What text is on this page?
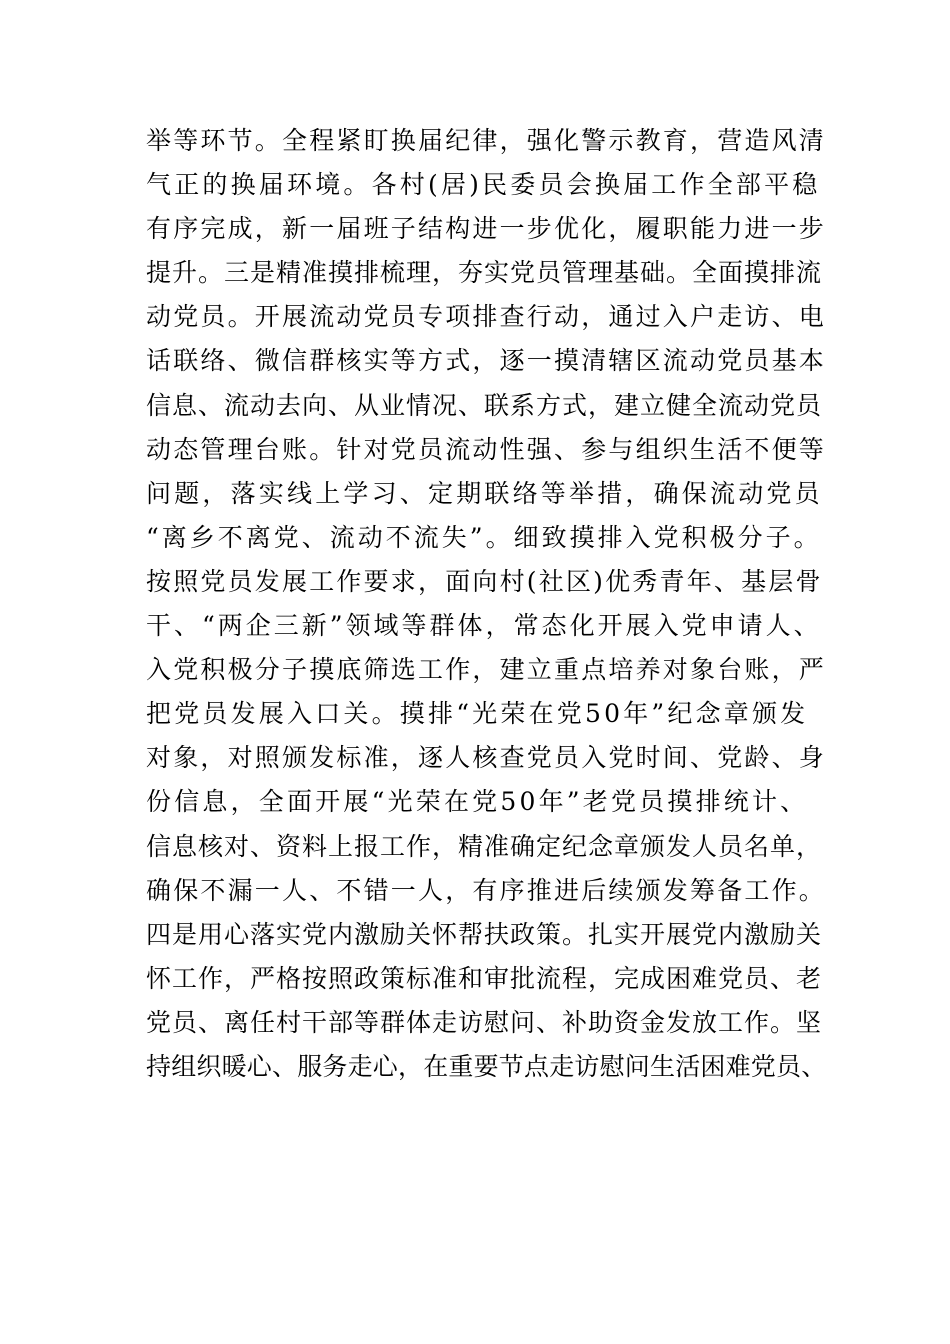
举等环节。全程紧盯换届纪律，强化警示教育，营造风清
气正的换届环境。各村(居)民委员会换届工作全部平稳
有序完成，新一届班子结构进一步优化，履职能力进一步
提升。三是精准摸排梳理，夯实党员管理基础。全面摸排流
动党员。开展流动党员专项排查行动，通过入户走访、电
话联络、微信群核实等方式，逐一摸清辖区流动党员基本
信息、流动去向、从业情况、联系方式，建立健全流动党员
动态管理台账。针对党员流动性强、参与组织生活不便等
问题，落实线上学习、定期联络等举措，确保流动党员
“离乡不离党、流动不流失”。细致摸排入党积极分子。
按照党员发展工作要求，面向村(社区)优秀青年、基层骨
干、“两企三新”领域等群体，常态化开展入党申请人、
入党积极分子摸底筛选工作，建立重点培养对象台账，严
把党员发展入口关。摸排“光荣在党50年”纪念章颁发
对象，对照颁发标准，逐人核查党员入党时间、党龄、身
份信息，全面开展“光荣在党50年”老党员摸排统计、
信息核对、资料上报工作，精准确定纪念章颁发人员名单，
确保不漏一人、不错一人，有序推进后续颁发筹备工作。
四是用心落实党内激励关怀帮扶政策。扎实开展党内激励关
怀工作，严格按照政策标准和审批流程，完成困难党员、老
党员、离任村干部等群体走访慰问、补助资金发放工作。坚
持组织暖心、服务走心，在重要节点走访慰问生活困难党员、
